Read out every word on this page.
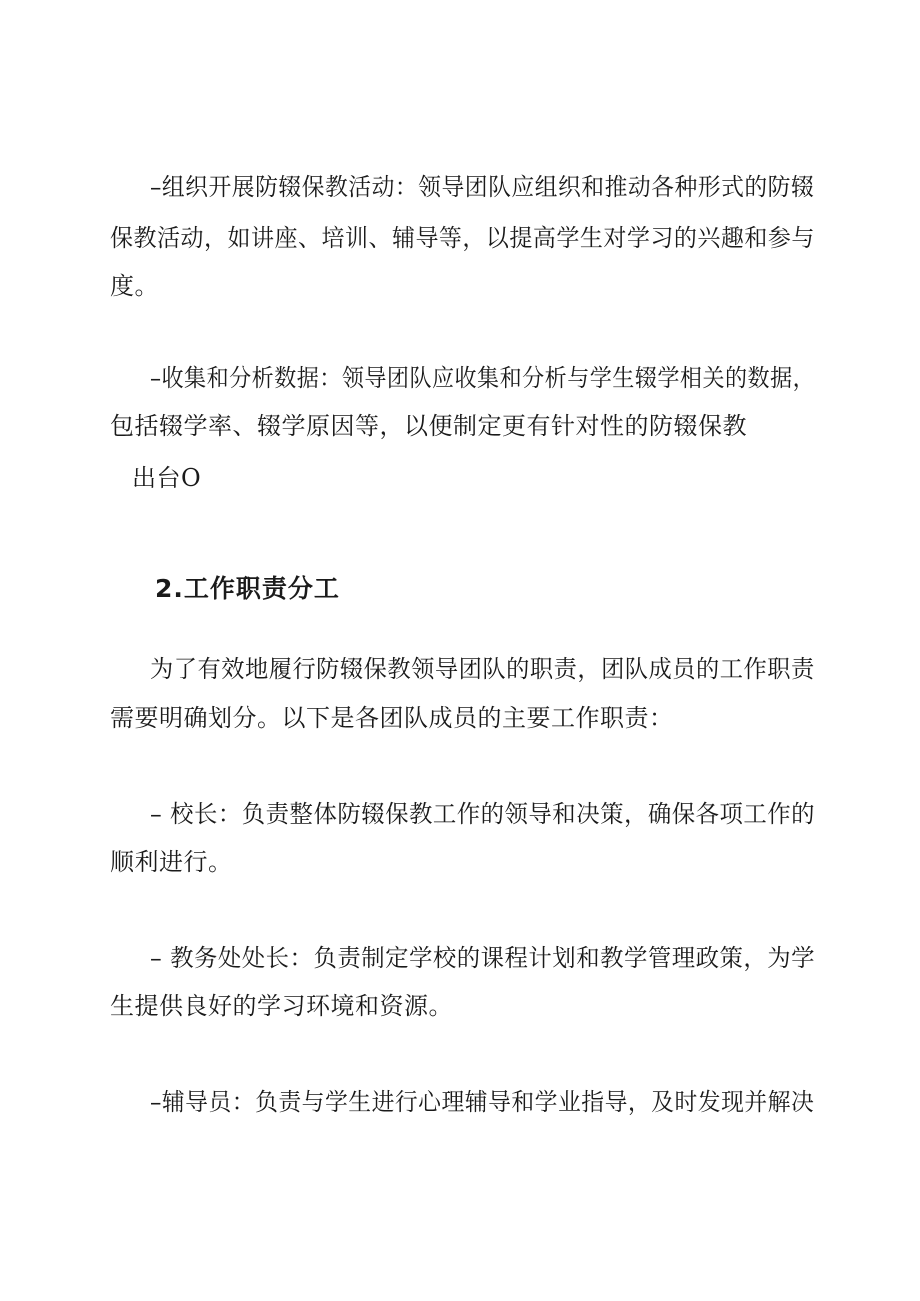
–组织开展防辍保教活动：领导团队应组织和推动各种形式的防辍
保教活动，如讲座、培训、辅导等，以提高学生对学习的兴趣和参与
度。
–收集和分析数据：领导团队应收集和分析与学生辍学相关的数据，
包括辍学率、辍学原因等，以便制定更有针对性的防辍保教
出台O
2.工作职责分工
为了有效地履行防辍保教领导团队的职责，团队成员的工作职责
需要明确划分。以下是各团队成员的主要工作职责：
– 校长：负责整体防辍保教工作的领导和决策，确保各项工作的
顺利进行。
– 教务处处长：负责制定学校的课程计划和教学管理政策，为学
生提供良好的学习环境和资源。
–辅导员：负责与学生进行心理辅导和学业指导，及时发现并解决
